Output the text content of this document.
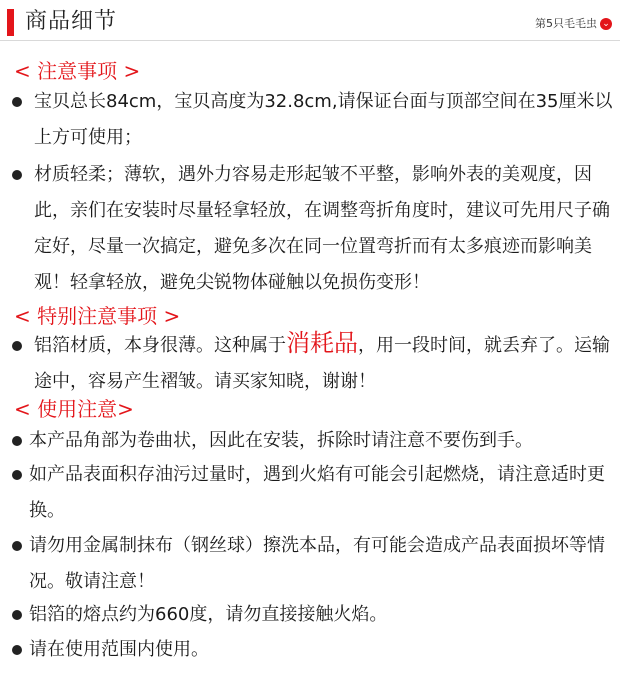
商品细节	第5只毛毛虫 ⌄
< 注意事项 >
宝贝总长84cm，宝贝高度为32.8cm,请保证台面与顶部空间在35厘米以上方可使用；
材质轻柔；薄软，遇外力容易走形起皱不平整，影响外表的美观度，因此，亲们在安装时尽量轻拿轻放，在调整弯折角度时，建议可先用尺子确定好，尽量一次搞定，避免多次在同一位置弯折而有太多痕迹而影响美观！轻拿轻放，避免尖锐物体碰触以免损伤变形！
< 特别注意事项 >
铝箔材质，本身很薄。这种属于消耗品，用一段时间，就丢弃了。运输途中，容易产生褶皱。请买家知晓，谢谢！
< 使用注意>
本产品角部为卷曲状，因此在安装，拆除时请注意不要伤到手。
如产品表面积存油污过量时，遇到火焰有可能会引起燃烧，请注意适时更换。
请勿用金属制抹布（钢丝球）擦洗本品，有可能会造成产品表面损坏等情况。敬请注意！
铝箔的熔点约为660度，请勿直接接触火焰。
请在使用范围内使用。
